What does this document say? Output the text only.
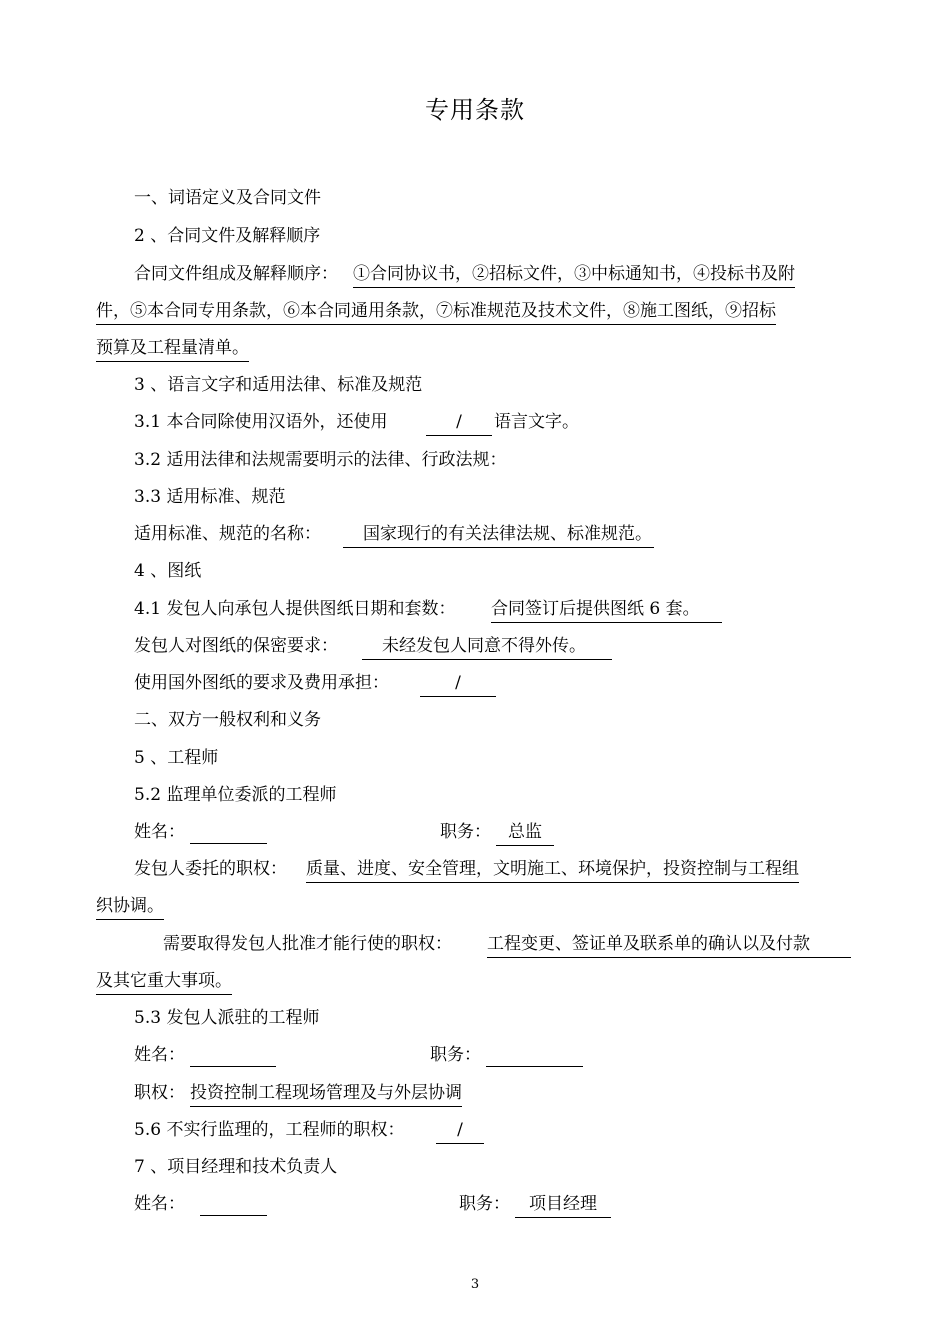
专用条款
一、词语定义及合同文件
2 、合同文件及解释顺序
合同文件组成及解释顺序： ①合同协议书，②招标文件，③中标通知书，④投标书及附
件，⑤本合同专用条款，⑥本合同通用条款，⑦标准规范及技术文件，⑧施工图纸，⑨招标
预算及工程量清单。
3 、语言文字和适用法律、标准及规范
3.1 本合同除使用汉语外，还使用	/	语言文字。
3.2 适用法律和法规需要明示的法律、行政法规：
3.3 适用标准、规范
适用标准、规范的名称：	国家现行的有关法律法规、标准规范。
4 、图纸
4.1 发包人向承包人提供图纸日期和套数： 合同签订后提供图纸 6 套。
发包人对图纸的保密要求：	未经发包人同意不得外传。
使用国外图纸的要求及费用承担：	/
二、双方一般权利和义务
5 、工程师
5.2 监理单位委派的工程师
姓名：	职务：	总监
发包人委托的职权： 质量、进度、安全管理，文明施工、环境保护，投资控制与工程组
织协调。
需要取得发包人批准才能行使的职权： 工程变更、签证单及联系单的确认以及付款
及其它重大事项。
5.3 发包人派驻的工程师
姓名：	职务：
职权： 投资控制工程现场管理及与外层协调
5.6 不实行监理的，工程师的职权：	/
7 、项目经理和技术负责人
姓名：	职务：	项目经理
3
